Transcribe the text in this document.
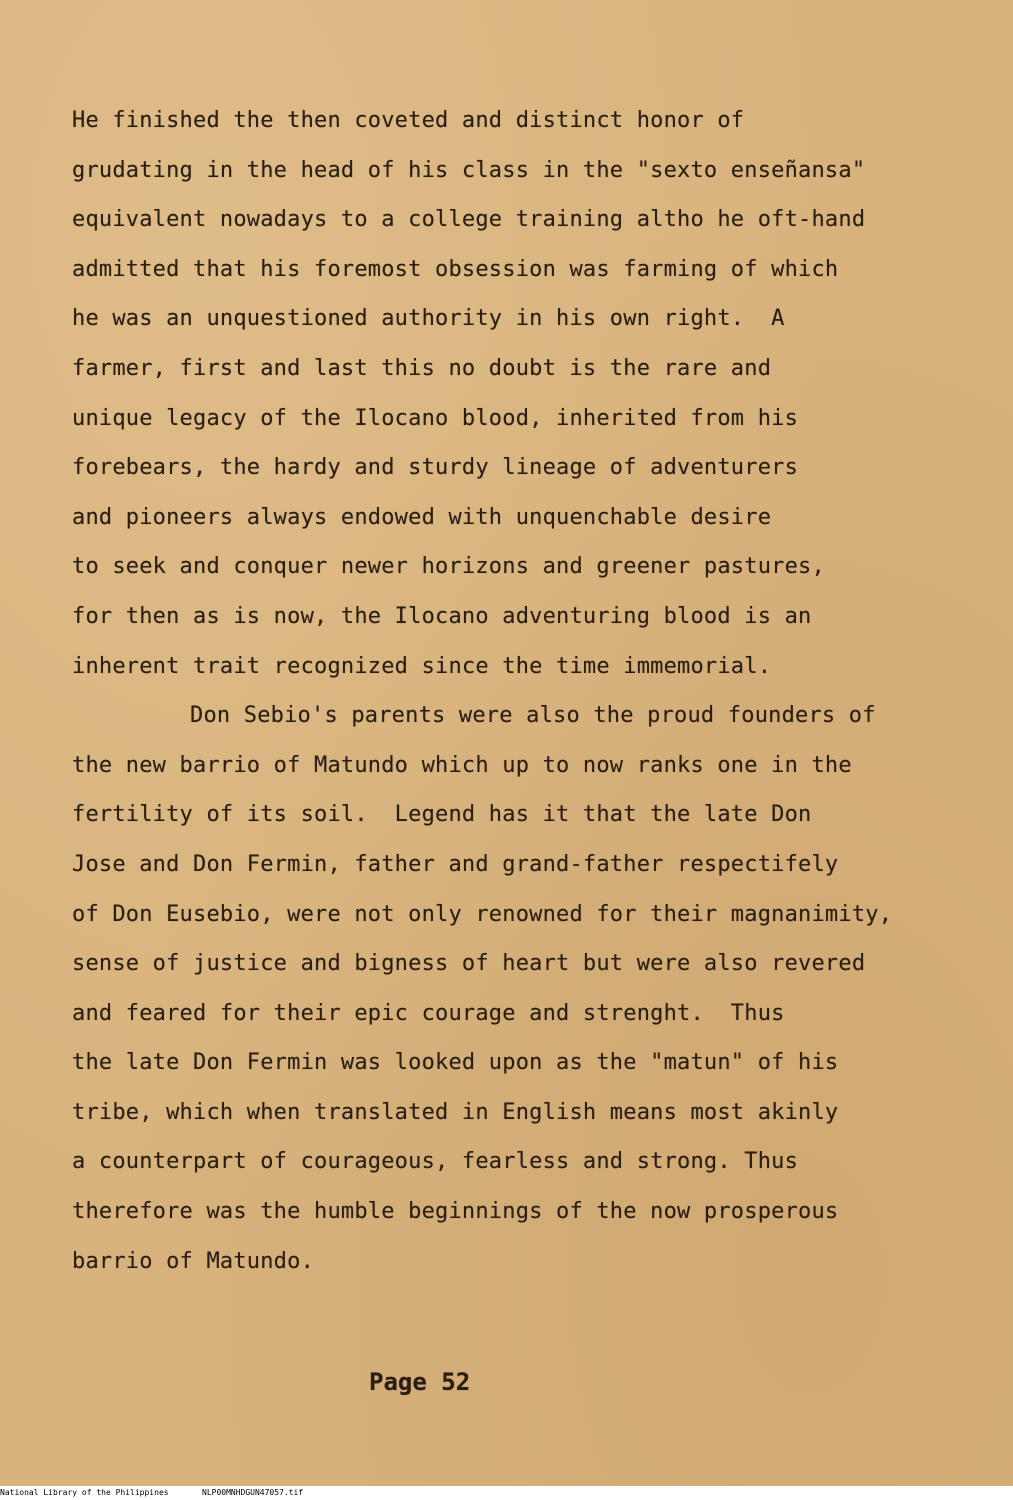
He finished the then coveted and distinct honor of
grudating in the head of his class in the "sexto enseñansa"
equivalent nowadays to a college training altho he oft-hand
admitted that his foremost obsession was farming of which
he was an unquestioned authority in his own right.  A
farmer, first and last this no doubt is the rare and
unique legacy of the Ilocano blood, inherited from his
forebears, the hardy and sturdy lineage of adventurers
and pioneers always endowed with unquenchable desire
to seek and conquer newer horizons and greener pastures,
for then as is now, the Ilocano adventuring blood is an
inherent trait recognized since the time immemorial.
Don Sebio's parents were also the proud founders of
the new barrio of Matundo which up to now ranks one in the
fertility of its soil.  Legend has it that the late Don
Jose and Don Fermin, father and grand-father respectifely
of Don Eusebio, were not only renowned for their magnanimity,
sense of justice and bigness of heart but were also revered
and feared for their epic courage and strenght.  Thus
the late Don Fermin was looked upon as the "matun" of his
tribe, which when translated in English means most akinly
a counterpart of courageous, fearless and strong. Thus
therefore was the humble beginnings of the now prosperous
barrio of Matundo.
Page 52
National Library of the Philippines	NLP00MNHDGUN47057.tif
